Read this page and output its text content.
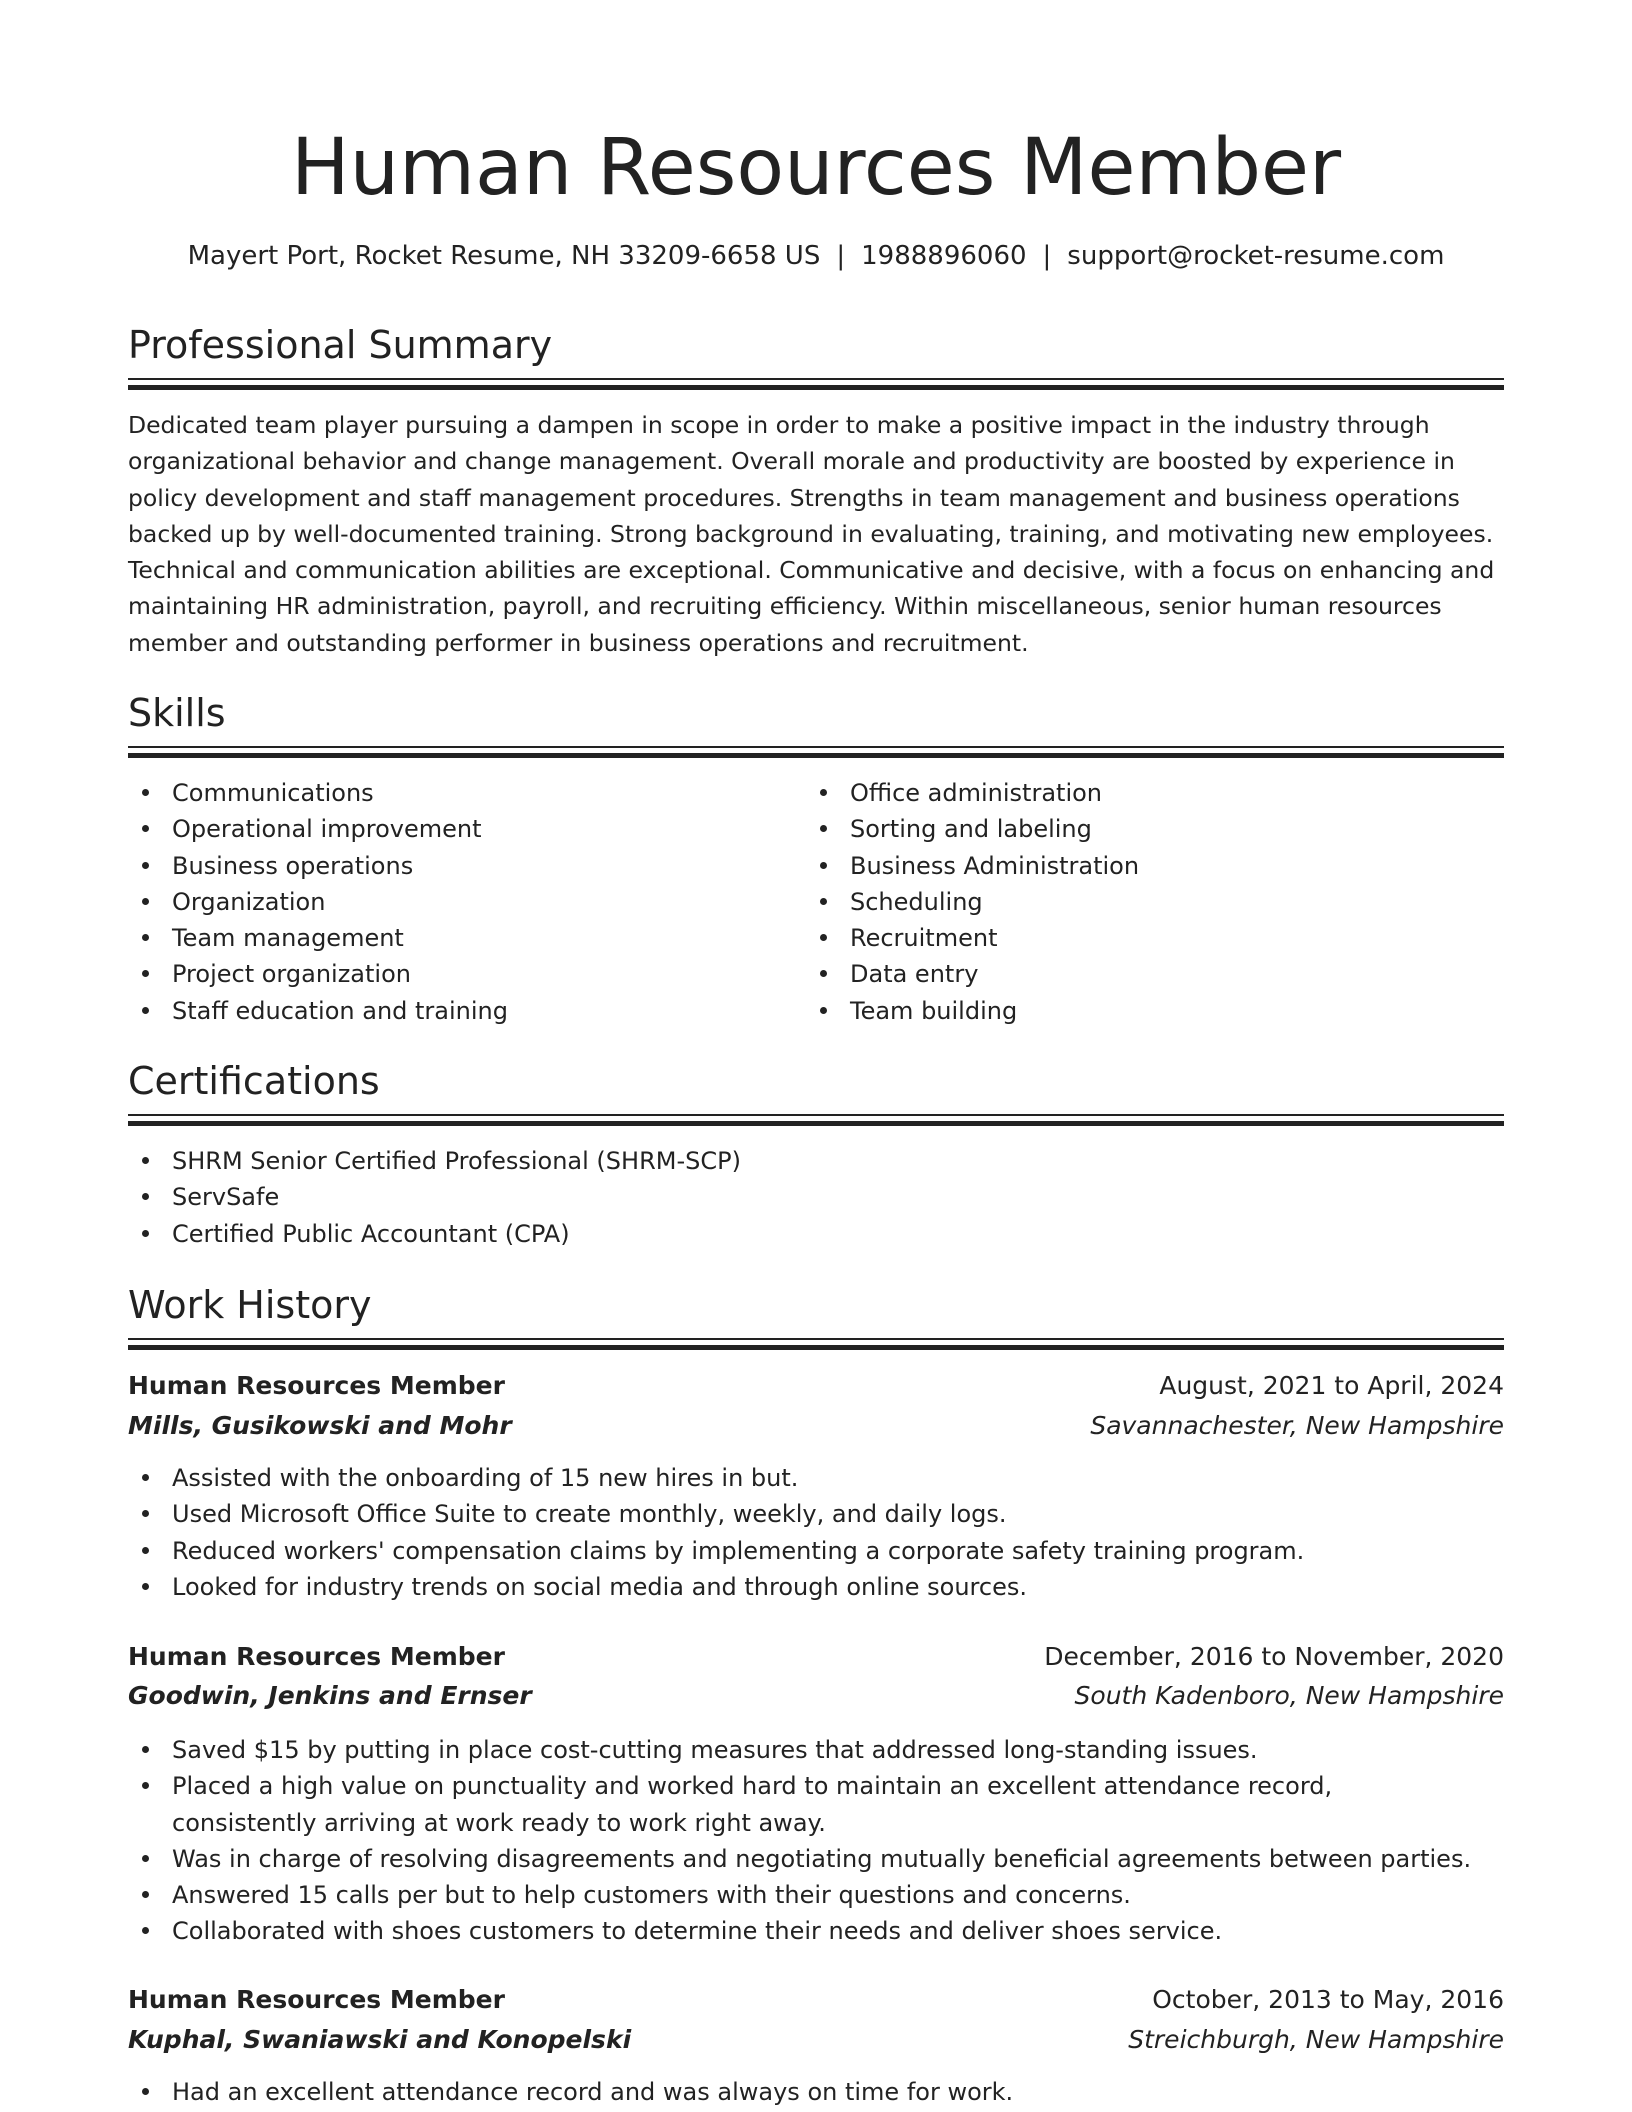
Human Resources Member
Mayert Port, Rocket Resume, NH 33209-6658 US | 1988896060 | support@rocket-resume.com
Professional Summary

Dedicated team player pursuing a dampen in scope in order to make a positive impact in the industry through organizational behavior and change management. Overall morale and productivity are boosted by experience in policy development and staff management procedures. Strengths in team management and business operations backed up by well-documented training. Strong background in evaluating, training, and motivating new employees. Technical and communication abilities are exceptional. Communicative and decisive, with a focus on enhancing and maintaining HR administration, payroll, and recruiting efficiency. Within miscellaneous, senior human resources member and outstanding performer in business operations and recruitment.

Skills
Communications
Operational improvement
Business operations
Organization
Team management
Project organization
Staff education and training
Office administration
Sorting and labeling
Business Administration
Scheduling
Recruitment
Data entry
Team building
Certifications
SHRM Senior Certified Professional (SHRM-SCP)
ServSafe
Certified Public Accountant (CPA)
Work History
Human Resources Member	August, 2021 to April, 2024
Mills, Gusikowski and Mohr	Savannachester, New Hampshire
Assisted with the onboarding of 15 new hires in but.
Used Microsoft Office Suite to create monthly, weekly, and daily logs.
Reduced workers' compensation claims by implementing a corporate safety training program.
Looked for industry trends on social media and through online sources.
Human Resources Member	December, 2016 to November, 2020
Goodwin, Jenkins and Ernser	South Kadenboro, New Hampshire
Saved $15 by putting in place cost-cutting measures that addressed long-standing issues.
Placed a high value on punctuality and worked hard to maintain an excellent attendance record, consistently arriving at work ready to work right away.
Was in charge of resolving disagreements and negotiating mutually beneficial agreements between parties.
Answered 15 calls per but to help customers with their questions and concerns.
Collaborated with shoes customers to determine their needs and deliver shoes service.
Human Resources Member	October, 2013 to May, 2016
Kuphal, Swaniawski and Konopelski	Streichburgh, New Hampshire
Had an excellent attendance record and was always on time for work.
